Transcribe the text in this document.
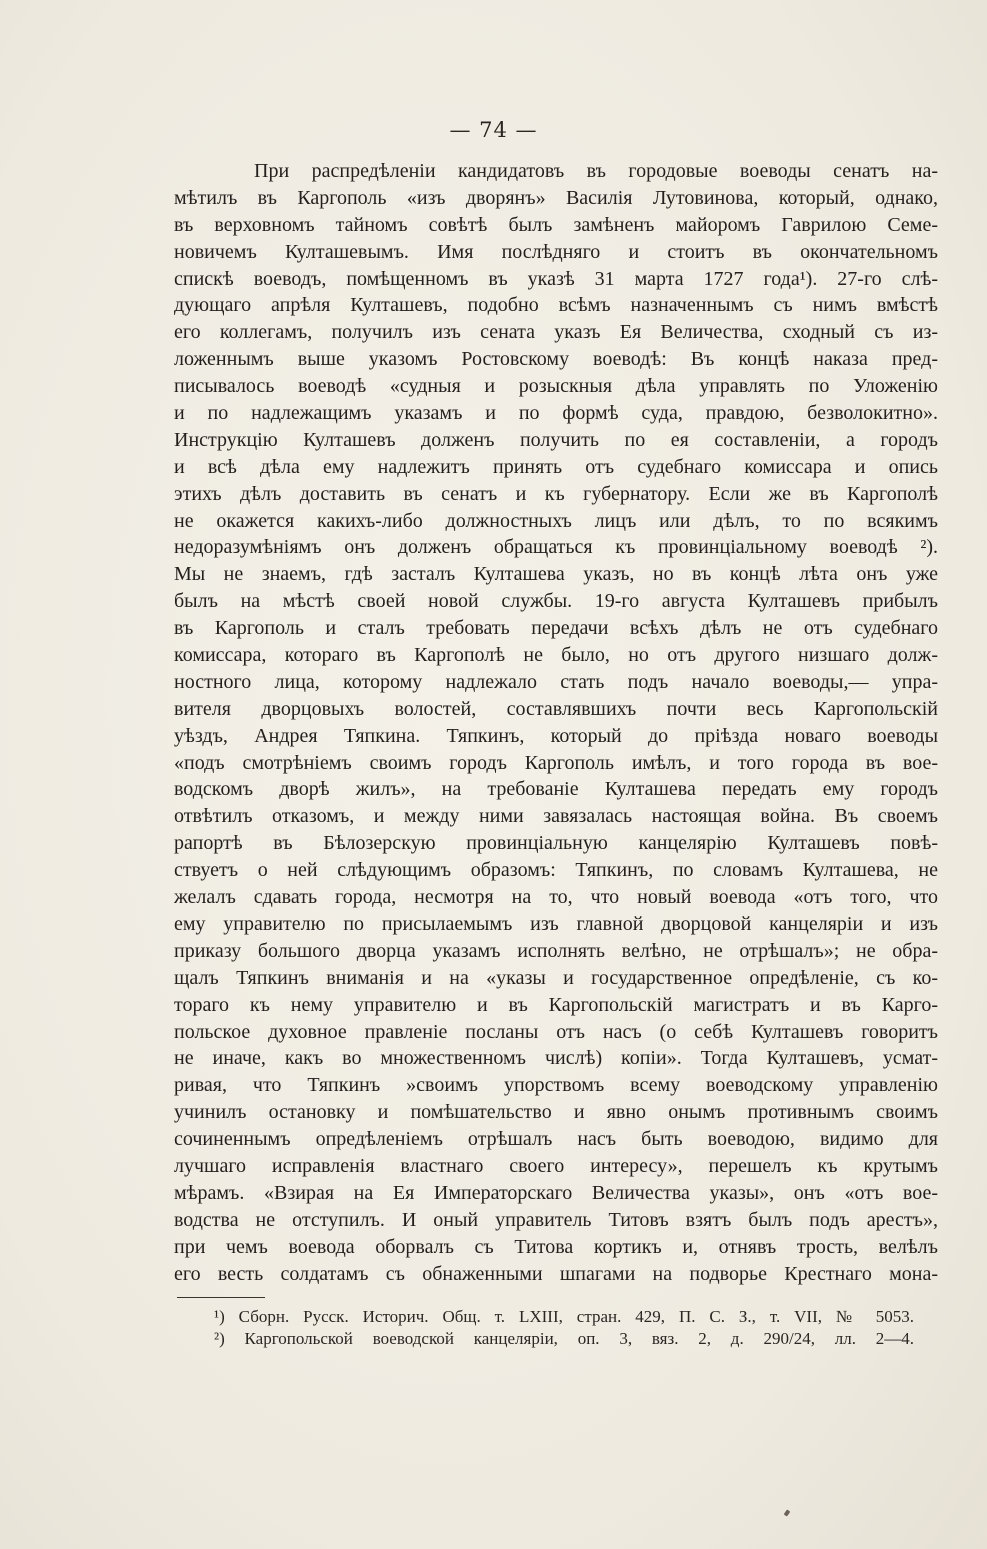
— 74 —
При распредѣленіи кандидатовъ въ городовые воеводы сенатъ на-
мѣтилъ въ Каргополь «изъ дворянъ» Василія Лутовинова, который, однако,
въ верховномъ тайномъ совѣтѣ былъ замѣненъ майоромъ Гаврилою Семе-
новичемъ Култашевымъ. Имя послѣдняго и стоитъ въ окончательномъ
спискѣ воеводъ, помѣщенномъ въ указѣ 31 марта 1727 года¹). 27-го слѣ-
дующаго апрѣля Култашевъ, подобно всѣмъ назначеннымъ съ нимъ вмѣстѣ
его коллегамъ, получилъ изъ сената указъ Ея Величества, сходный съ из-
ложеннымъ выше указомъ Ростовскому воеводѣ: Въ концѣ наказа пред-
писывалось воеводѣ «судныя и розыскныя дѣла управлять по Уложенію
и по надлежащимъ указамъ и по формѣ суда, правдою, безволокитно».
Инструкцію Култашевъ долженъ получить по ея составленіи, а городъ
и всѣ дѣла ему надлежитъ принять отъ судебнаго комиссара и опись
этихъ дѣлъ доставить въ сенатъ и къ губернатору. Если же въ Каргополѣ
не окажется какихъ-либо должностныхъ лицъ или дѣлъ, то по всякимъ
недоразумѣніямъ онъ долженъ обращаться къ провинціальному воеводѣ ²).
Мы не знаемъ, гдѣ засталъ Култашева указъ, но въ концѣ лѣта онъ уже
былъ на мѣстѣ своей новой службы. 19-го августа Култашевъ прибылъ
въ Каргополь и сталъ требовать передачи всѣхъ дѣлъ не отъ судебнаго
комиссара, котораго въ Каргополѣ не было, но отъ другого низшаго долж-
ностного лица, которому надлежало стать подъ начало воеводы,— упра-
вителя дворцовыхъ волостей, составлявшихъ почти весь Каргопольскій
уѣздъ, Андрея Тяпкина. Тяпкинъ, который до пріѣзда новаго воеводы
«подъ смотрѣніемъ своимъ городъ Каргополь имѣлъ, и того города въ вое-
водскомъ дворѣ жилъ», на требованіе Култашева передать ему городъ
отвѣтилъ отказомъ, и между ними завязалась настоящая война. Въ своемъ
рапортѣ въ Бѣлозерскую провинціальную канцелярію Култашевъ повѣ-
ствуетъ о ней слѣдующимъ образомъ: Тяпкинъ, по словамъ Култашева, не
желалъ сдавать города, несмотря на то, что новый воевода «отъ того, что
ему управителю по присылаемымъ изъ главной дворцовой канцеляріи и изъ
приказу большого дворца указамъ исполнять велѣно, не отрѣшалъ»; не обра-
щалъ Тяпкинъ вниманія и на «указы и государственное опредѣленіе, съ ко-
тораго къ нему управителю и въ Каргопольскій магистратъ и въ Карго-
польское духовное правленіе посланы отъ насъ (о себѣ Култашевъ говоритъ
не иначе, какъ во множественномъ числѣ) копіи». Тогда Култашевъ, усмат-
ривая, что Тяпкинъ »своимъ упорствомъ всему воеводскому управленію
учинилъ остановку и помѣшательство и явно онымъ противнымъ своимъ
сочиненнымъ опредѣленіемъ отрѣшалъ насъ быть воеводою, видимо для
лучшаго исправленія властнаго своего интересу», перешелъ къ крутымъ
мѣрамъ. «Взирая на Ея Императорскаго Величества указы», онъ «отъ вое-
водства не отступилъ. И оный управитель Титовъ взятъ былъ подъ арестъ»,
при чемъ воевода оборвалъ съ Титова кортикъ и, отнявъ трость, велѣлъ
его весть солдатамъ съ обнаженными шпагами на подворье Крестнаго мона-
¹) Сборн. Русск. Историч. Общ. т. LXIII, стран. 429, П. С. З., т. VII, № 5053.
²) Каргопольской воеводской канцеляріи, оп. 3, вяз. 2, д. 290/24, лл. 2—4.
